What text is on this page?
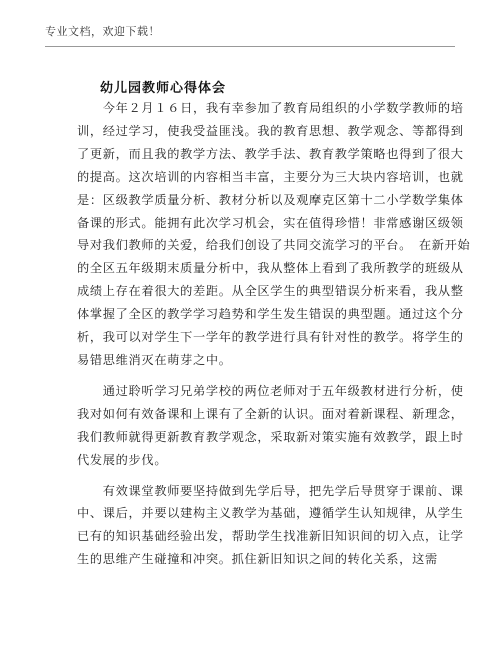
专业文档，欢迎下载！
幼儿园教师心得体会
　　今年２月１６日，我有幸参加了教育局组织的小学数学教师的培
训，经过学习，使我受益匪浅。我的教育思想、教学观念、等都得到
了更新，而且我的教学方法、教学手法、教育教学策略也得到了很大
的提高。这次培训的内容相当丰富，主要分为三大块内容培训，也就
是：区级教学质量分析、教材分析以及观摩克区第十二小学数学集体
备课的形式。能拥有此次学习机会，实在值得珍惜！非常感谢区级领
导对我们教师的关爱，给我们创设了共同交流学习的平台。　在新开始
的全区五年级期末质量分析中，我从整体上看到了我所教学的班级从
成绩上存在着很大的差距。从全区学生的典型错误分析来看，我从整
体掌握了全区的教学学习趋势和学生发生错误的典型题。通过这个分
析，我可以对学生下一学年的教学进行具有针对性的教学。将学生的
易错思维消灭在萌芽之中。
　　通过聆听学习兄弟学校的两位老师对于五年级教材进行分析，使
我对如何有效备课和上课有了全新的认识。面对着新课程、新理念，
我们教师就得更新教育教学观念，采取新对策实施有效教学，跟上时
代发展的步伐。
　　有效课堂教师要坚持做到先学后导，把先学后导贯穿于课前、课
中、课后，并要以建构主义教学为基础，遵循学生认知规律，从学生
已有的知识基础经验出发，帮助学生找准新旧知识间的切入点，让学
生的思维产生碰撞和冲突。抓住新旧知识之间的转化关系，这需
